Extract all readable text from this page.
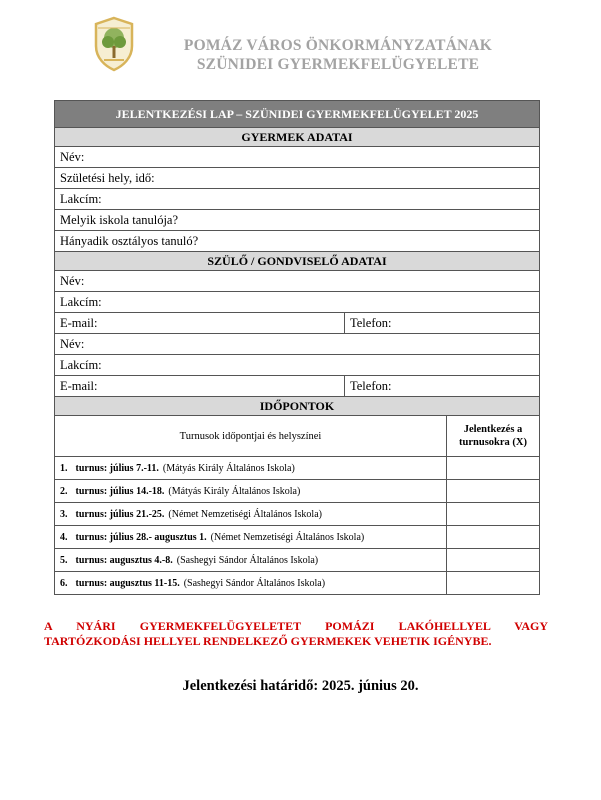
POMÁZ VÁROS ÖNKORMÁNYZATÁNAK
SZÜNIDEI GYERMEKFELÜGYELETE
JELENTKEZÉSI LAP – SZÜNIDEI GYERMEKFELÜGYELET 2025		
GYERMEK ADATAI		
Név:		
Születési hely, idő:		
Lakcím:		
Melyik iskola tanulója?		
Hányadik osztályos tanuló?		
SZÜLŐ / GONDVISELŐ ADATAI		
Név:		
Lakcím:		
E-mail:	Telefon:	
Név:		
Lakcím:		
E-mail:	Telefon:	
IDŐPONTOK		
Turnusok időpontjai és helyszínei		Jelentkezés a turnusokra (X)
1. turnus: július 7.-11. (Mátyás Király Általános Iskola)		
2. turnus: július 14.-18. (Mátyás Király Általános Iskola)		
3. turnus: július 21.-25. (Német Nemzetiségi Általános Iskola)		
4. turnus: július 28.- augusztus 1. (Német Nemzetiségi Általános Iskola)		
5. turnus: augusztus 4.-8. (Sashegyi Sándor Általános Iskola)		
6. turnus: augusztus 11-15. (Sashegyi Sándor Általános Iskola)		

A NYÁRI GYERMEKFELÜGYELETET POMÁZI LAKÓHELLYEL VAGY

TARTÓZKODÁSI HELLYEL RENDELKEZŐ GYERMEKEK VEHETIK IGÉNYBE.

Jelentkezési határidő: 2025. június 20.
